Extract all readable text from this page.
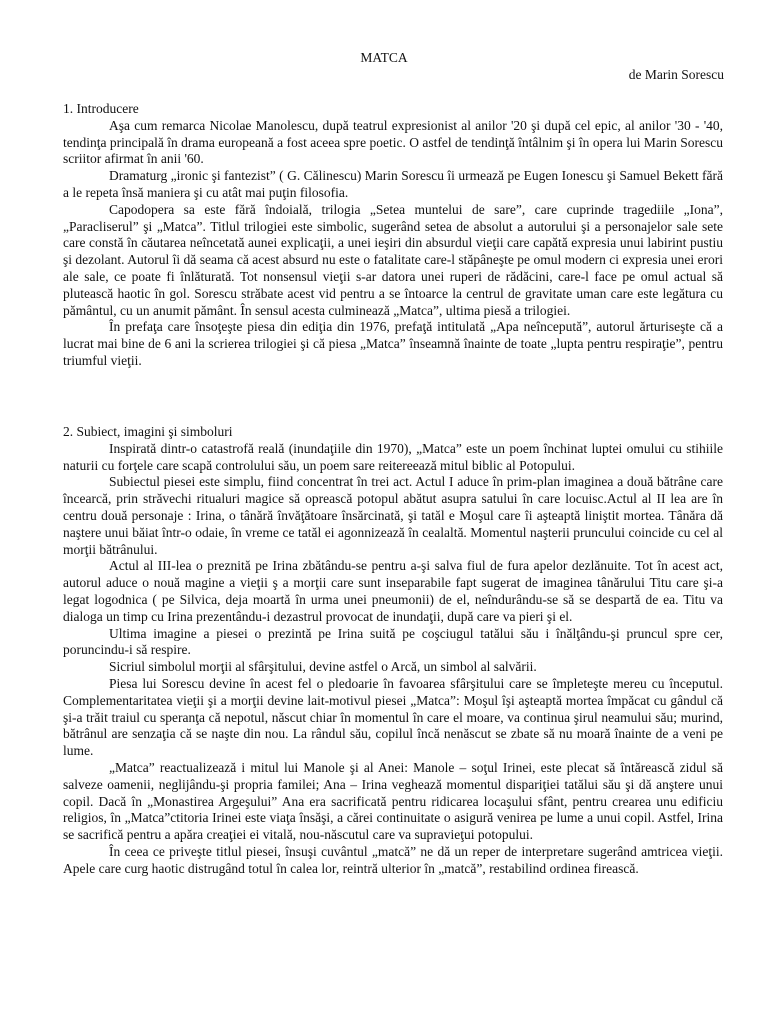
MATCA
de Marin Sorescu

1. Introducere

Aşa cum remarca Nicolae Manolescu, după teatrul expresionist al anilor '20 şi după cel epic, al anilor '30 - '40, tendinţa principală în drama europeană a fost aceea spre poetic. O astfel de tendinţă întâlnim şi în opera lui Marin Sorescu scriitor afirmat în anii '60.

Dramaturg „ironic şi fantezist” ( G. Călinescu) Marin Sorescu îi urmează pe Eugen Ionescu şi Samuel Bekett fără a le repeta însă maniera şi cu atât mai puţin filosofia.

Capodopera sa este fără îndoială, trilogia „Setea muntelui de sare”, care cuprinde tragediile „Iona”, „Paracliserul” şi „Matca”. Titlul trilogiei este simbolic, sugerând setea de absolut a autorului şi a personajelor sale sete care constă în căutarea neîncetată aunei explicaţii, a unei ieşiri din absurdul vieţii care capătă expresia unui labirint pustiu şi dezolant. Autorul îi dă seama că acest absurd nu este o fatalitate care-l stăpâneşte pe omul modern ci expresia unei erori ale sale, ce poate fi înlăturată. Tot nonsensul vieţii s-ar datora unei ruperi de rădăcini, care-l face pe omul actual să plutească haotic în gol. Sorescu străbate acest vid pentru a se întoarce la centrul de gravitate uman care este legătura cu pământul, cu un anumit pământ. În sensul acesta culminează „Matca”, ultima piesă a trilogiei.

În prefaţa care însoţeşte piesa din ediţia din 1976, prefaţă intitulată „Apa neîncepută”, autorul ărturiseşte că a lucrat mai bine de 6 ani la scrierea trilogiei şi că piesa „Matca” înseamnă înainte de toate „lupta pentru respiraţie”, pentru triumful vieţii.

2. Subiect, imagini şi simboluri

Inspirată dintr-o catastrofă reală (inundaţiile din 1970), „Matca” este un poem închinat luptei omului cu stihiile naturii cu forţele care scapă controlului său, un poem sare reitereează mitul biblic al Potopului.

Subiectul piesei este simplu, fiind concentrat în trei act. Actul I aduce în prim-plan imaginea a două bătrâne care încearcă, prin străvechi ritualuri magice să oprească potopul abătut asupra satului în care locuisc.Actul al II lea are în centru două personaje : Irina, o tânără învăţătoare însărcinată, şi tatăl e Moşul care îi aşteaptă liniştit mortea. Tânăra dă naştere unui băiat într-o odaie, în vreme ce tatăl ei agonnizează în cealaltă. Momentul naşterii pruncului coincide cu cel al morţii bătrânului.

Actul al III-lea o preznită pe Irina zbătându-se pentru a-şi salva fiul de fura apelor dezlănuite. Tot în acest act, autorul aduce o nouă magine a vieţii ş a morţii care sunt inseparabile fapt sugerat de imaginea tânărului Titu care şi-a legat logodnica ( pe Silvica, deja moartă în urma unei pneumonii) de el, neîndurându-se să se despartă de ea. Titu va dialoga un timp cu Irina prezentându-i dezastrul provocat de inundaţii, după care va pieri şi el.

Ultima imagine a piesei o prezintă pe Irina suită pe coşciugul tatălui său i înălţându-şi pruncul spre cer, poruncindu-i să respire.

Sicriul simbolul morţii al sfârşitului, devine astfel o Arcă, un simbol al salvării.

Piesa lui Sorescu devine în acest fel o pledoarie în favoarea sfârşitului care se împleteşte mereu cu începutul. Complementaritatea vieţii şi a morţii devine lait-motivul piesei „Matca”: Moşul îşi aşteaptă mortea împăcat cu gândul că şi-a trăit traiul cu speranţa că nepotul, născut chiar în momentul în care el moare, va continua şirul neamului său; murind, bătrânul are senzaţia că se naşte din nou. La rândul său, copilul încă nenăscut se zbate să nu moară înainte de a veni pe lume.

„Matca” reactualizează i mitul lui Manole şi al Anei: Manole – soţul Irinei, este plecat să întărească zidul să salveze oamenii, neglijându-şi propria familei; Ana – Irina veghează momentul dispariţiei tatălui său şi dă anştere unui copil. Dacă în „Monastirea Argeşului” Ana era sacrificată pentru ridicarea locaşului sfânt, pentru crearea unu edificiu religios, în „Matca”ctitoria Irinei este viaţa însăşi, a cărei continuitate o asigură venirea pe lume a unui copil. Astfel, Irina se sacrifică pentru a apăra creaţiei ei vitală, nou-născutul care va supravieţui potopului.

În ceea ce priveşte titlul piesei, însuşi cuvântul „matcă” ne dă un reper de interpretare sugerând amtricea vieţii. Apele care curg haotic distrugând totul în calea lor, reintră ulterior în „matcă”, restabilind ordinea firească.
